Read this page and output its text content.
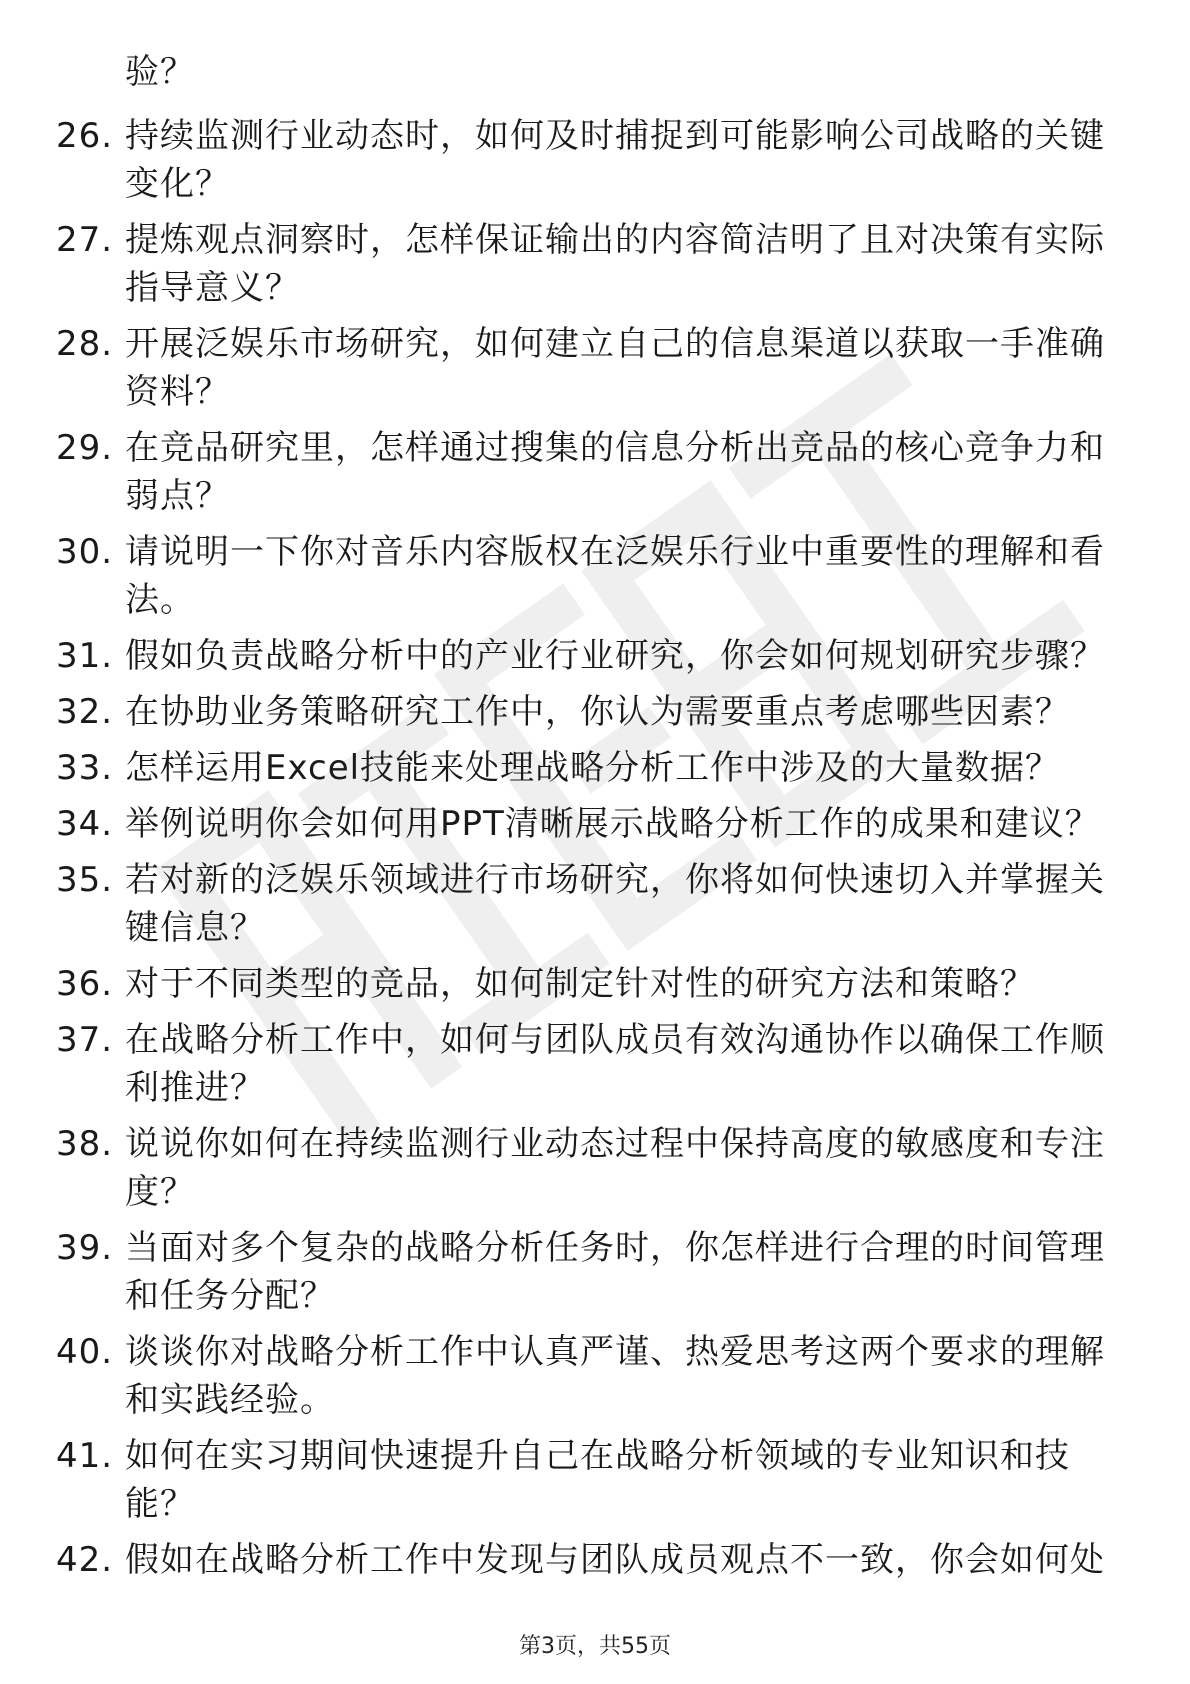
验？
26. 持续监测行业动态时，如何及时捕捉到可能影响公司战略的关键变化？
27. 提炼观点洞察时，怎样保证输出的内容简洁明了且对决策有实际指导意义？
28. 开展泛娱乐市场研究，如何建立自己的信息渠道以获取一手准确资料？
29. 在竞品研究里，怎样通过搜集的信息分析出竞品的核心竞争力和弱点？
30. 请说明一下你对音乐内容版权在泛娱乐行业中重要性的理解和看法。
31. 假如负责战略分析中的产业行业研究，你会如何规划研究步骤？
32. 在协助业务策略研究工作中，你认为需要重点考虑哪些因素？
33. 怎样运用Excel技能来处理战略分析工作中涉及的大量数据？
34. 举例说明你会如何用PPT清晰展示战略分析工作的成果和建议？
35. 若对新的泛娱乐领域进行市场研究，你将如何快速切入并掌握关键信息？
36. 对于不同类型的竞品，如何制定针对性的研究方法和策略？
37. 在战略分析工作中，如何与团队成员有效沟通协作以确保工作顺利推进？
38. 说说你如何在持续监测行业动态过程中保持高度的敏感度和专注度？
39. 当面对多个复杂的战略分析任务时，你怎样进行合理的时间管理和任务分配？
40. 谈谈你对战略分析工作中认真严谨、热爱思考这两个要求的理解和实践经验。
41. 如何在实习期间快速提升自己在战略分析领域的专业知识和技能？
42. 假如在战略分析工作中发现与团队成员观点不一致，你会如何处
第3页，共55页
